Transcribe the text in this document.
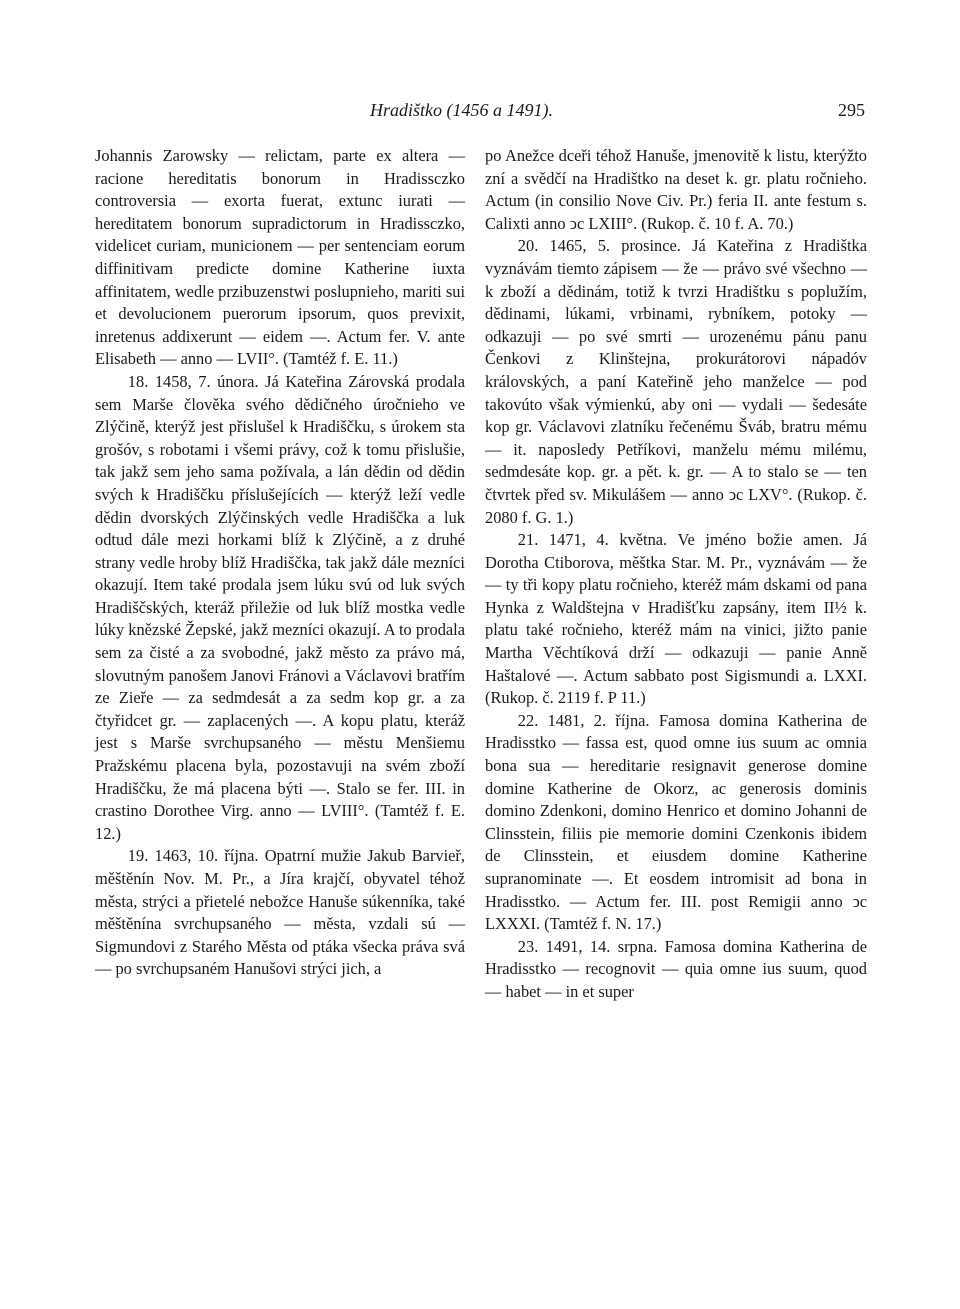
Hradištko (1456 a 1491).	295

Johannis Zarowsky — relictam, parte ex altera — racione hereditatis bonorum in Hradissczko controversia — exorta fuerat, extunc iurati — hereditatem bonorum supradictorum in Hradissczko, videlicet curiam, municionem — per sentenciam eorum diffinitivam predicte domine Katherine iuxta affinitatem, wedle przibuzenstwi poslupnieho, mariti sui et devolucionem puerorum ipsorum, quos previxit, inretenus addixerunt — eidem —. Actum fer. V. ante Elisabeth — anno — LVII°. (Tamtéž f. E. 11.)

18. 1458, 7. února. Já Kateřina Zárovská prodala sem Marše člověka svého dědičného úročnieho ve Zlýčině, kterýž jest přislušel k Hradiščku, s úrokem sta grošóv, s robotami i všemi právy, což k tomu přislušie, tak jakž sem jeho sama požívala, a lán dědin od dědin svých k Hradiščku příslušejících — kterýž leží vedle dědin dvorských Zlýčinských vedle Hradiščka a luk odtud dále mezi horkami blíž k Zlýčině, a z druhé strany vedle hroby blíž Hradiščka, tak jakž dále mezníci okazují. Item také prodala jsem lúku svú od luk svých Hradiščských, kteráž přiležie od luk blíž mostka vedle lúky knězské Žepské, jakž mezníci okazují. A to prodala sem za čisté a za svobodné, jakž město za právo má, slovutným panošem Janovi Fránovi a Václavovi bratřím ze Zieře — za sedmdesát a za sedm kop gr. a za čtyřidcet gr. — zaplacených —. A kopu platu, kteráž jest s Marše svrchupsaného — městu Menšiemu Pražskému placena byla, pozostavuji na svém zboží Hradiščku, že má placena býti —. Stalo se fer. III. in crastino Dorothee Virg. anno — LVIII°. (Tamtéž f. E. 12.)

19. 1463, 10. října. Opatrní mužie Jakub Barvieř, měštěnín Nov. M. Pr., a Jíra krajčí, obyvatel téhož města, strýci a přietelé nebožce Hanuše súkenníka, také měštěnína svrchupsaného — města, vzdali sú — Sigmundovi z Starého Města od ptáka všecka práva svá — po svrchupsaném Hanušovi strýci jich, a

po Anežce dceři téhož Hanuše, jmenovitě k listu, kterýžto zní a svědčí na Hradištko na deset k. gr. platu ročnieho. Actum (in consilio Nove Civ. Pr.) feria II. ante festum s. Calixti anno ↄc LXIII°. (Rukop. č. 10 f. A. 70.)

20. 1465, 5. prosince. Já Kateřina z Hradištka vyznávám tiemto zápisem — že — právo své všechno — k zboží a dědinám, totiž k tvrzi Hradištku s poplužím, dědinami, lúkami, vrbinami, rybníkem, potoky — odkazuji — po své smrti — urozenému pánu panu Čenkovi z Klinštejna, prokurátorovi nápadóv královských, a paní Kateřině jeho manželce — pod takovúto však výmienkú, aby oni — vydali — šedesáte kop gr. Václavovi zlatníku řečenému Šváb, bratru mému — it. naposledy Petříkovi, manželu mému milému, sedmdesáte kop. gr. a pět. k. gr. — A to stalo se — ten čtvrtek před sv. Mikulášem — anno ↄc LXV°. (Rukop. č. 2080 f. G. 1.)

21. 1471, 4. května. Ve jméno božie amen. Já Dorotha Ctiborova, měštka Star. M. Pr., vyznávám — že — ty tři kopy platu ročnieho, kteréž mám dskami od pana Hynka z Waldštejna v Hradišťku zapsány, item II½ k. platu také ročnieho, kteréž mám na vinici, jižto panie Martha Věchtíková drží — odkazuji — panie Anně Haštalové —. Actum sabbato post Sigismundi a. LXXI. (Rukop. č. 2119 f. P 11.)

22. 1481, 2. října. Famosa domina Katherina de Hradisstko — fassa est, quod omne ius suum ac omnia bona sua — hereditarie resignavit generose domine domine Katherine de Okorz, ac generosis dominis domino Zdenkoni, domino Henrico et domino Johanni de Clinsstein, filiis pie memorie domini Czenkonis ibidem de Clinsstein, et eiusdem domine Katherine supranominate —. Et eosdem intromisit ad bona in Hradisstko. — Actum fer. III. post Remigii anno ↄc LXXXI. (Tamtéž f. N. 17.)

23. 1491, 14. srpna. Famosa domina Katherina de Hradisstko — recognovit — quia omne ius suum, quod — habet — in et super
